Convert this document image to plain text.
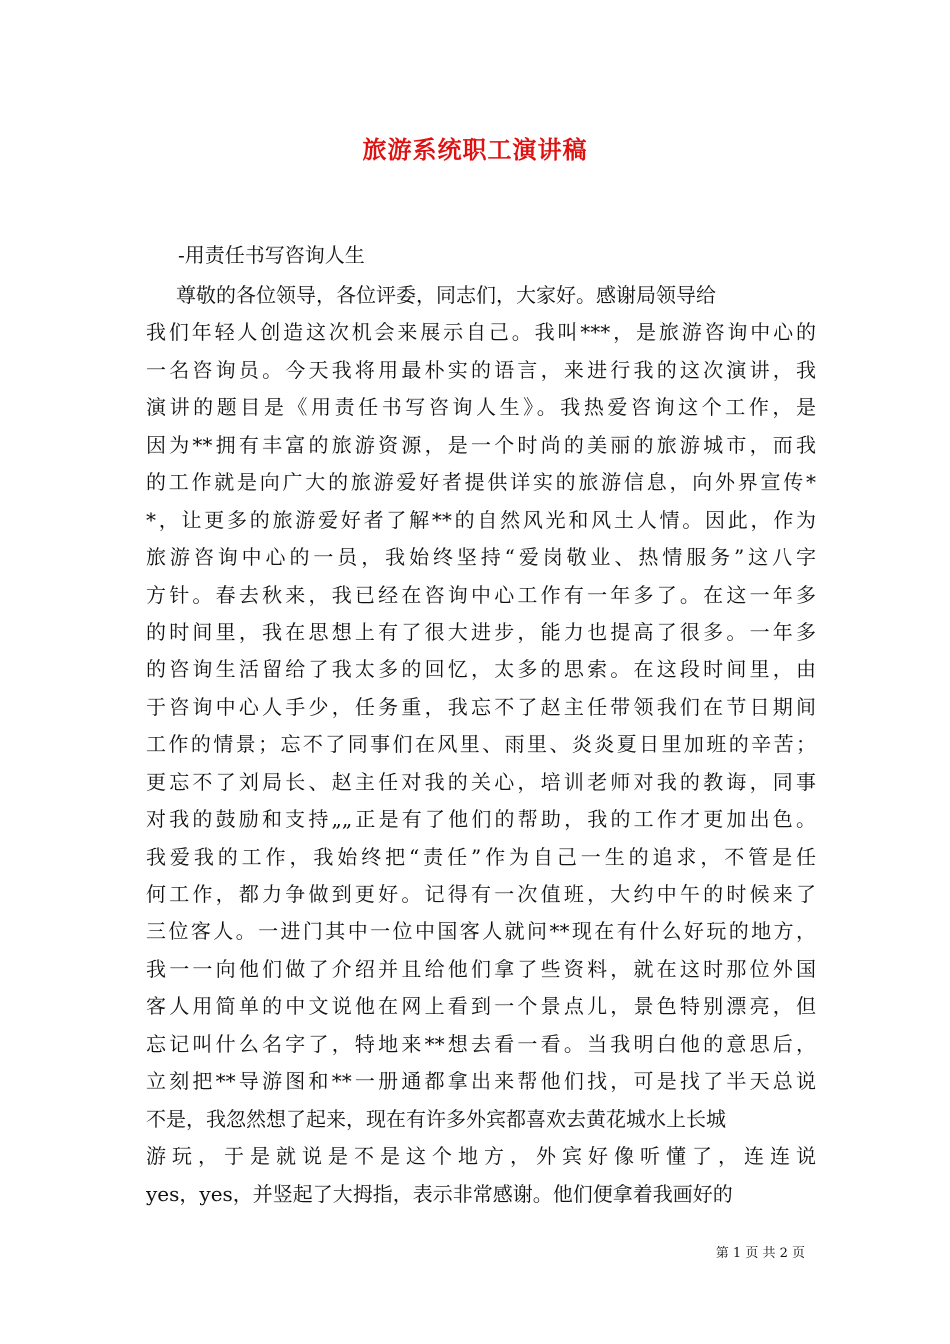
旅游系统职工演讲稿
-用责任书写咨询人生
尊敬的各位领导，各位评委，同志们，大家好。感谢局领导给
我们年轻人创造这次机会来展示自己。我叫***，是旅游咨询中心的
一名咨询员。今天我将用最朴实的语言，来进行我的这次演讲，我
演讲的题目是《用责任书写咨询人生》。我热爱咨询这个工作，是
因为**拥有丰富的旅游资源，是一个时尚的美丽的旅游城市，而我
的工作就是向广大的旅游爱好者提供详实的旅游信息，向外界宣传*
*，让更多的旅游爱好者了解**的自然风光和风土人情。因此，作为
旅游咨询中心的一员，我始终坚持“爱岗敬业、热情服务”这八字
方针。春去秋来，我已经在咨询中心工作有一年多了。在这一年多
的时间里，我在思想上有了很大进步，能力也提高了很多。一年多
的咨询生活留给了我太多的回忆，太多的思索。在这段时间里，由
于咨询中心人手少，任务重，我忘不了赵主任带领我们在节日期间
工作的情景；忘不了同事们在风里、雨里、炎炎夏日里加班的辛苦；
更忘不了刘局长、赵主任对我的关心，培训老师对我的教诲，同事
对我的鼓励和支持„„正是有了他们的帮助，我的工作才更加出色。
我爱我的工作，我始终把“责任”作为自己一生的追求，不管是任
何工作，都力争做到更好。记得有一次值班，大约中午的时候来了
三位客人。一进门其中一位中国客人就问**现在有什么好玩的地方，
我一一向他们做了介绍并且给他们拿了些资料，就在这时那位外国
客人用简单的中文说他在网上看到一个景点儿，景色特别漂亮，但
忘记叫什么名字了，特地来**想去看一看。当我明白他的意思后，
立刻把**导游图和**一册通都拿出来帮他们找，可是找了半天总说
不是，我忽然想了起来，现在有许多外宾都喜欢去黄花城水上长城
游玩，于是就说是不是这个地方，外宾好像听懂了，连连说
yes，yes，并竖起了大拇指，表示非常感谢。他们便拿着我画好的
第 1 页 共 2 页
